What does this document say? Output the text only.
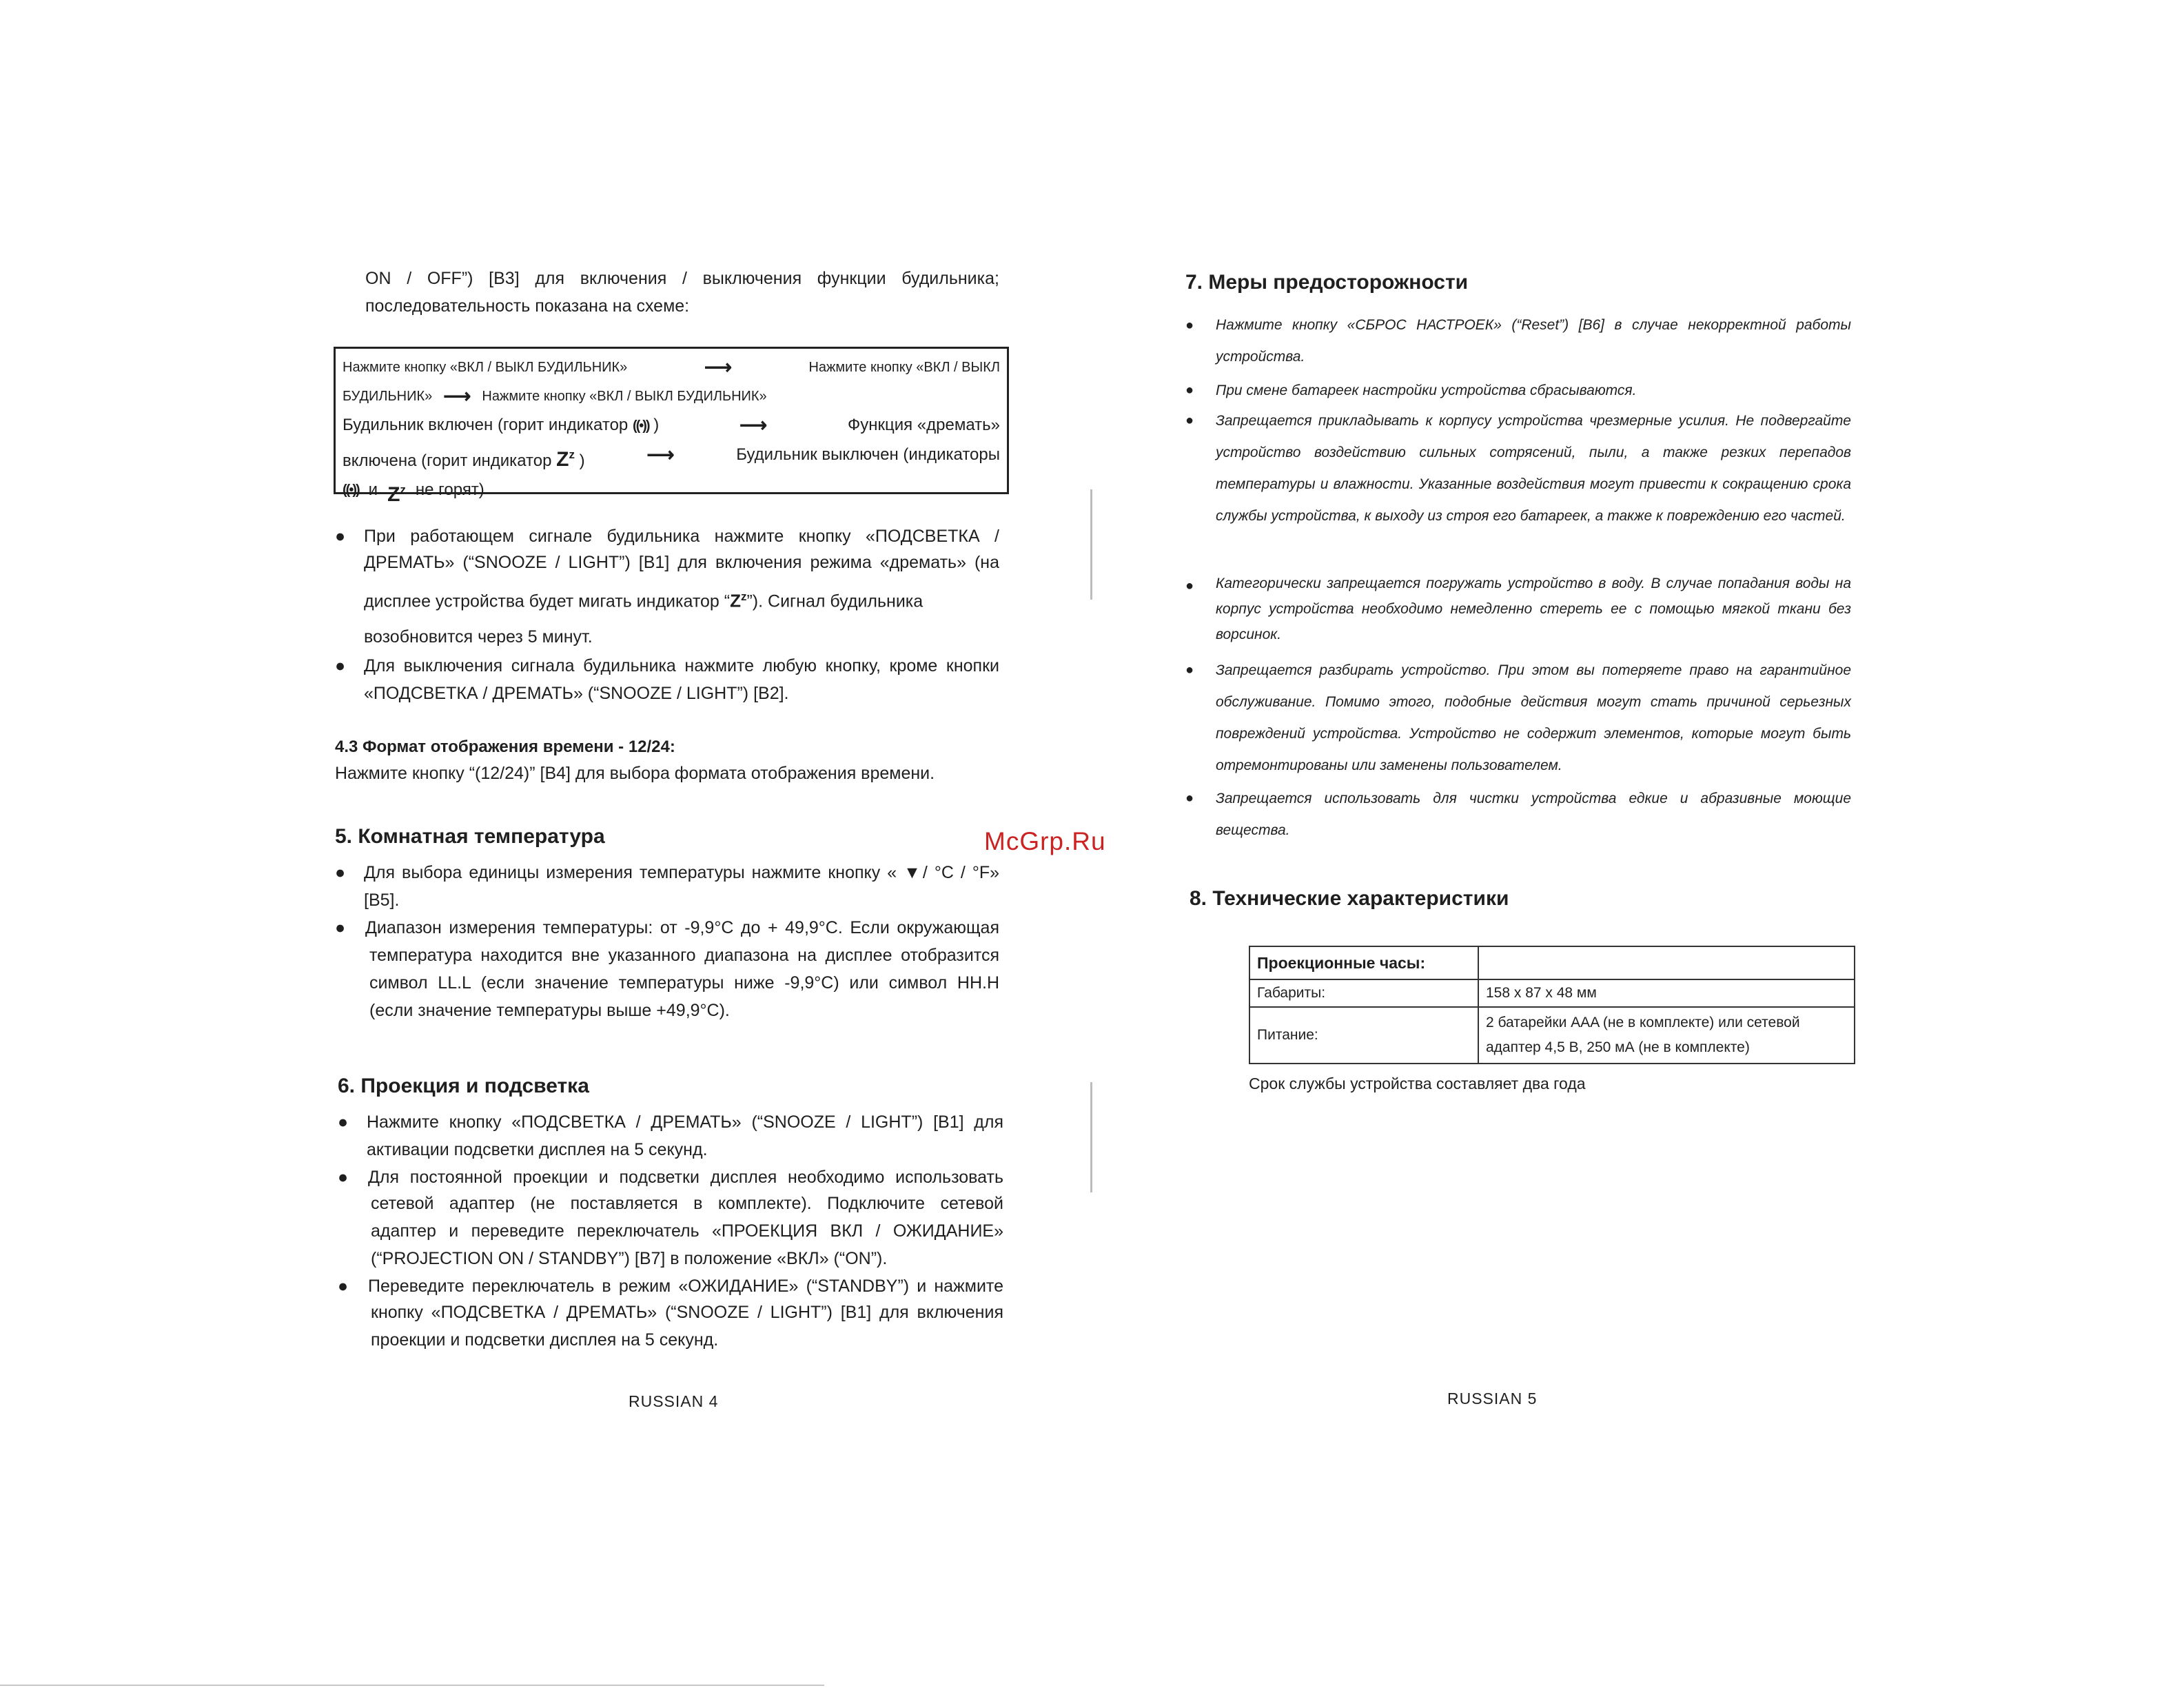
ON / OFF”) [B3] для включения / выключения функции будильника;
последовательность показана на схеме:
Нажмите кнопку «ВКЛ / ВЫКЛ БУДИЛЬНИК»	⟶	Нажмите кнопку «ВКЛ / ВЫКЛ
БУДИЛЬНИК» ⟶ Нажмите кнопку «ВКЛ / ВЫКЛ БУДИЛЬНИК»
Будильник включен (горит индикатор ((•)) )	⟶	Функция «дремать»
включена (горит индикатор $Z^z$ )	⟶	Будильник выключен (индикаторы
((•)) и $Z^z$ не горят)
● При работающем сигнале будильника нажмите кнопку «ПОДСВЕТКА /
ДРЕМАТЬ» (“SNOOZE / LIGHT”) [B1] для включения режима «дремать» (на
дисплее устройства будет мигать индикатор “$Z^z$”). Сигнал будильника
возобновится через 5 минут.
● Для выключения сигнала будильника нажмите любую кнопку, кроме кнопки
«ПОДСВЕТКА / ДРЕМАТЬ» (“SNOOZE / LIGHT”) [B2].
4.3 Формат отображения времени - 12/24:
Нажмите кнопку “(12/24)” [B4] для выбора формата отображения времени.
5. Комнатная температура
● Для выбора единицы измерения температуры нажмите кнопку « ▼/ °C / °F»
[B5].
● Диапазон измерения температуры: от -9,9°C до + 49,9°C. Если окружающая
температура находится вне указанного диапазона на дисплее отобразится
символ LL.L (если значение температуры ниже -9,9°C) или символ HH.H
(если значение температуры выше +49,9°C).
6. Проекция и подсветка
● Нажмите кнопку «ПОДСВЕТКА / ДРЕМАТЬ» (“SNOOZE / LIGHT”) [B1] для
активации подсветки дисплея на 5 секунд.
● Для постоянной проекции и подсветки дисплея необходимо использовать
сетевой адаптер (не поставляется в комплекте). Подключите сетевой
адаптер и переведите переключатель «ПРОЕКЦИЯ ВКЛ / ОЖИДАНИЕ»
(“PROJECTION ON / STANDBY”) [B7] в положение «ВКЛ» (“ON”).
● Переведите переключатель в режим «ОЖИДАНИЕ» (“STANDBY”) и нажмите
кнопку «ПОДСВЕТКА / ДРЕМАТЬ» (“SNOOZE / LIGHT”) [B1] для включения
проекции и подсветки дисплея на 5 секунд.
RUSSIAN 4
McGrp.Ru
7. Меры предосторожности
● Нажмите кнопку «СБРОС НАСТРОЕК» (“Reset”) [B6] в случае некорректной работы устройства.
● При смене батареек настройки устройства сбрасываются.
● Запрещается прикладывать к корпусу устройства чрезмерные усилия. Не подвергайте устройство воздействию сильных сотрясений, пыли, а также резких перепадов температуры и влажности. Указанные воздействия могут привести к сокращению срока службы устройства, к выходу из строя его батареек, а также к повреждению его частей.
● Категорически запрещается погружать устройство в воду. В случае попадания воды на корпус устройства необходимо немедленно стереть ее с помощью мягкой ткани без ворсинок.
● Запрещается разбирать устройство. При этом вы потеряете право на гарантийное обслуживание. Помимо этого, подобные действия могут стать причиной серьезных повреждений устройства. Устройство не содержит элементов, которые могут быть отремонтированы или заменены пользователем.
● Запрещается использовать для чистки устройства едкие и абразивные моющие вещества.
8. Технические характеристики
Проекционные часы:	
Габариты:	158 x 87 x 48 мм
Питание:	2 батарейки AAA (не в комплекте) или сетевой
адаптер 4,5 В, 250 мА (не в комплекте)
Срок службы устройства составляет два года
RUSSIAN 5
